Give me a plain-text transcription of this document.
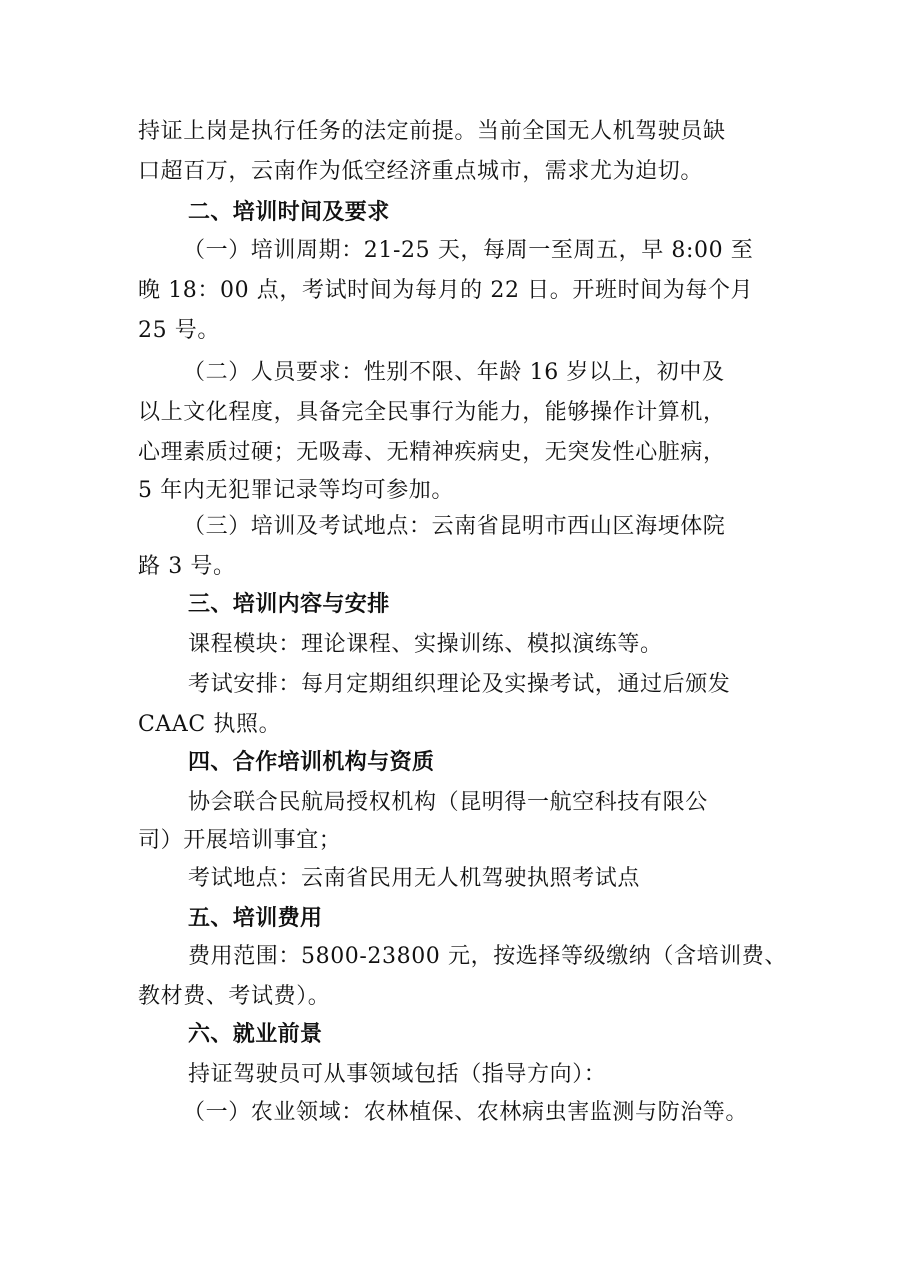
持证上岗是执行任务的法定前提。当前全国无人机驾驶员缺
口超百万，云南作为低空经济重点城市，需求尤为迫切。
二、培训时间及要求
（一）培训周期：21-25 天，每周一至周五，早 8:00 至
晚 18：00 点，考试时间为每月的 22 日。开班时间为每个月
25 号。
（二）人员要求：性别不限、年龄 16 岁以上，初中及
以上文化程度，具备完全民事行为能力，能够操作计算机，
心理素质过硬；无吸毒、无精神疾病史，无突发性心脏病，
5 年内无犯罪记录等均可参加。
（三）培训及考试地点：云南省昆明市西山区海埂体院
路 3 号。
三、培训内容与安排
课程模块：理论课程、实操训练、模拟演练等。
考试安排：每月定期组织理论及实操考试，通过后颁发
CAAC 执照。
四、合作培训机构与资质
协会联合民航局授权机构（昆明得一航空科技有限公
司）开展培训事宜；
考试地点：云南省民用无人机驾驶执照考试点
五、培训费用
费用范围：5800-23800 元，按选择等级缴纳（含培训费、
教材费、考试费）。
六、就业前景
持证驾驶员可从事领域包括（指导方向）：
（一）农业领域：农林植保、农林病虫害监测与防治等。
